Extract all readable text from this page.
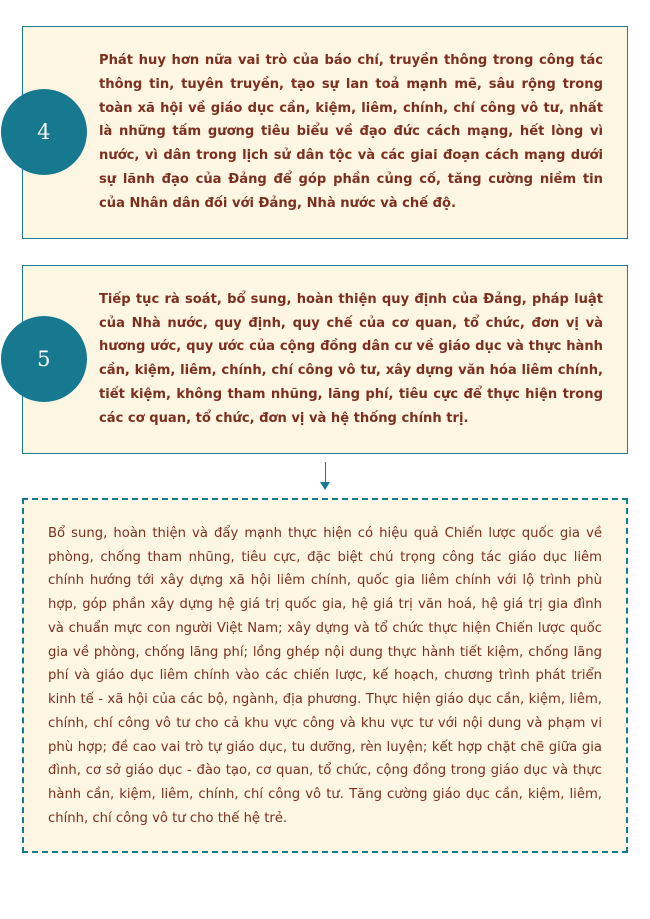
4

Phát huy hơn nữa vai trò của báo chí, truyền thông trong công tác thông tin, tuyên truyền, tạo sự lan toả mạnh mẽ, sâu rộng trong toàn xã hội về giáo dục cần, kiệm, liêm, chính, chí công vô tư, nhất là những tấm gương tiêu biểu về đạo đức cách mạng, hết lòng vì nước, vì dân trong lịch sử dân tộc và các giai đoạn cách mạng dưới sự lãnh đạo của Đảng để góp phần củng cố, tăng cường niềm tin của Nhân dân đối với Đảng, Nhà nước và chế độ.

5

Tiếp tục rà soát, bổ sung, hoàn thiện quy định của Đảng, pháp luật của Nhà nước, quy định, quy chế của cơ quan, tổ chức, đơn vị và hương ước, quy ước của cộng đồng dân cư về giáo dục và thực hành cần, kiệm, liêm, chính, chí công vô tư, xây dựng văn hóa liêm chính, tiết kiệm, không tham nhũng, lãng phí, tiêu cực để thực hiện trong các cơ quan, tổ chức, đơn vị và hệ thống chính trị.

Bổ sung, hoàn thiện và đẩy mạnh thực hiện có hiệu quả Chiến lược quốc gia về phòng, chống tham nhũng, tiêu cực, đặc biệt chú trọng công tác giáo dục liêm chính hướng tới xây dựng xã hội liêm chính, quốc gia liêm chính với lộ trình phù hợp, góp phần xây dựng hệ giá trị quốc gia, hệ giá trị văn hoá, hệ giá trị gia đình và chuẩn mực con người Việt Nam; xây dựng và tổ chức thực hiện Chiến lược quốc gia về phòng, chống lãng phí; lồng ghép nội dung thực hành tiết kiệm, chống lãng phí và giáo dục liêm chính vào các chiến lược, kế hoạch, chương trình phát triển kinh tế - xã hội của các bộ, ngành, địa phương. Thực hiện giáo dục cần, kiệm, liêm, chính, chí công vô tư cho cả khu vực công và khu vực tư với nội dung và phạm vi phù hợp; đề cao vai trò tự giáo dục, tu dưỡng, rèn luyện; kết hợp chặt chẽ giữa gia đình, cơ sở giáo dục - đào tạo, cơ quan, tổ chức, cộng đồng trong giáo dục và thực hành cần, kiệm, liêm, chính, chí công vô tư. Tăng cường giáo dục cần, kiệm, liêm, chính, chí công vô tư cho thế hệ trẻ.
